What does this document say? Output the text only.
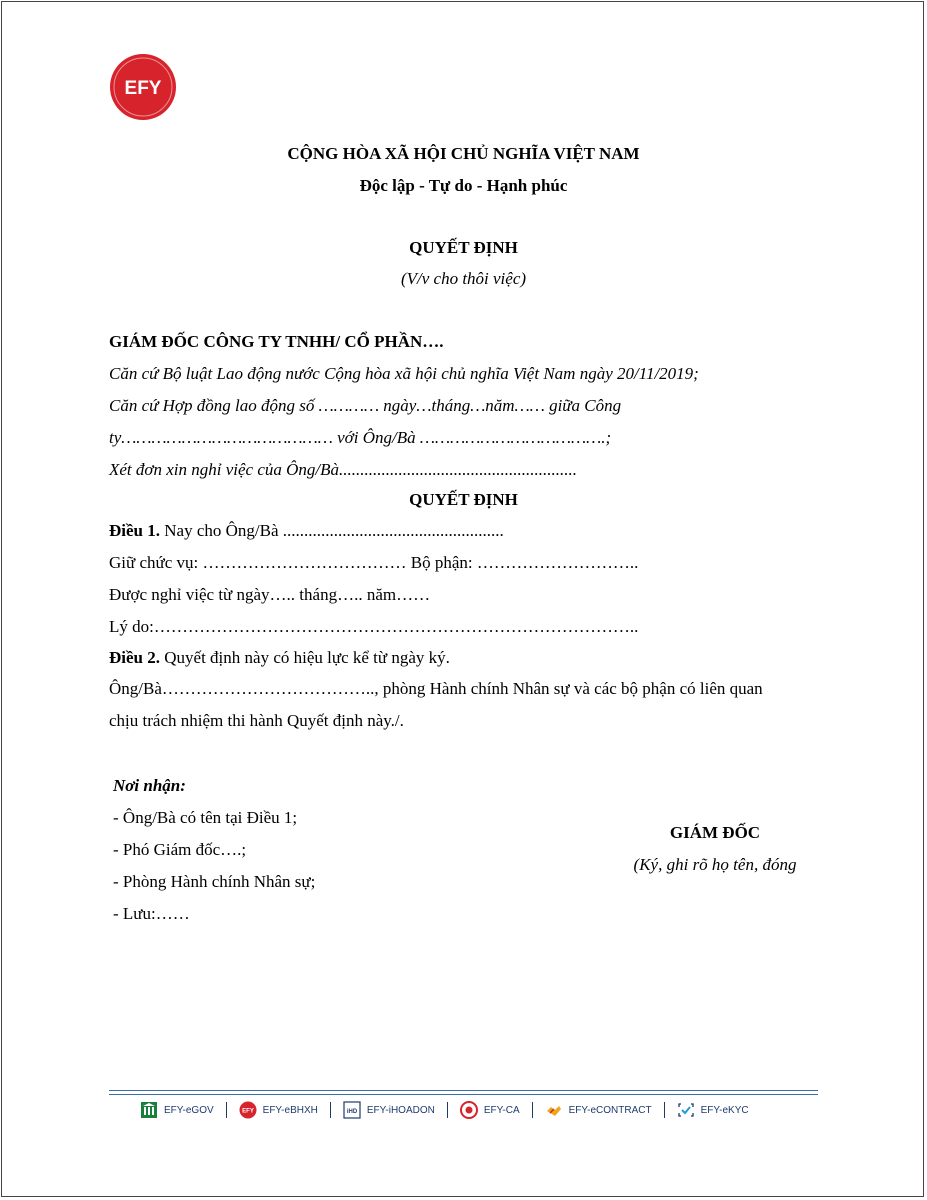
EFY
CỘNG HÒA XÃ HỘI CHỦ NGHĨA VIỆT NAM
Độc lập - Tự do - Hạnh phúc
QUYẾT ĐỊNH
(V/v cho thôi việc)
GIÁM ĐỐC CÔNG TY TNHH/ CỔ PHẦN….
Căn cứ Bộ luật Lao động nước Cộng hòa xã hội chủ nghĩa Việt Nam ngày 20/11/2019;
Căn cứ Hợp đồng lao động số ………… ngày…tháng…năm…… giữa Công
ty…………………………………… với Ông/Bà ……………………………….;
Xét đơn xin nghỉ việc của Ông/Bà........................................................
QUYẾT ĐỊNH
Điều 1. Nay cho Ông/Bà ....................................................
Giữ chức vụ: ……………………………… Bộ phận: ………………………..
Được nghỉ việc từ ngày….. tháng….. năm……
Lý do:…………………………………………………………………………..
Điều 2. Quyết định này có hiệu lực kể từ ngày ký.
Ông/Bà……………………………….., phòng Hành chính Nhân sự và các bộ phận có liên quan
chịu trách nhiệm thi hành Quyết định này./.
Nơi nhận:
- Ông/Bà có tên tại Điều 1;
- Phó Giám đốc….;
- Phòng Hành chính Nhân sự;
- Lưu:……
GIÁM ĐỐC
(Ký, ghi rõ họ tên, đóng
EFY-eGOV	EFY EFY-eBHXH	iHD EFY-iHOADON	EFY-CA	EFY-eCONTRACT	EFY-eKYC
